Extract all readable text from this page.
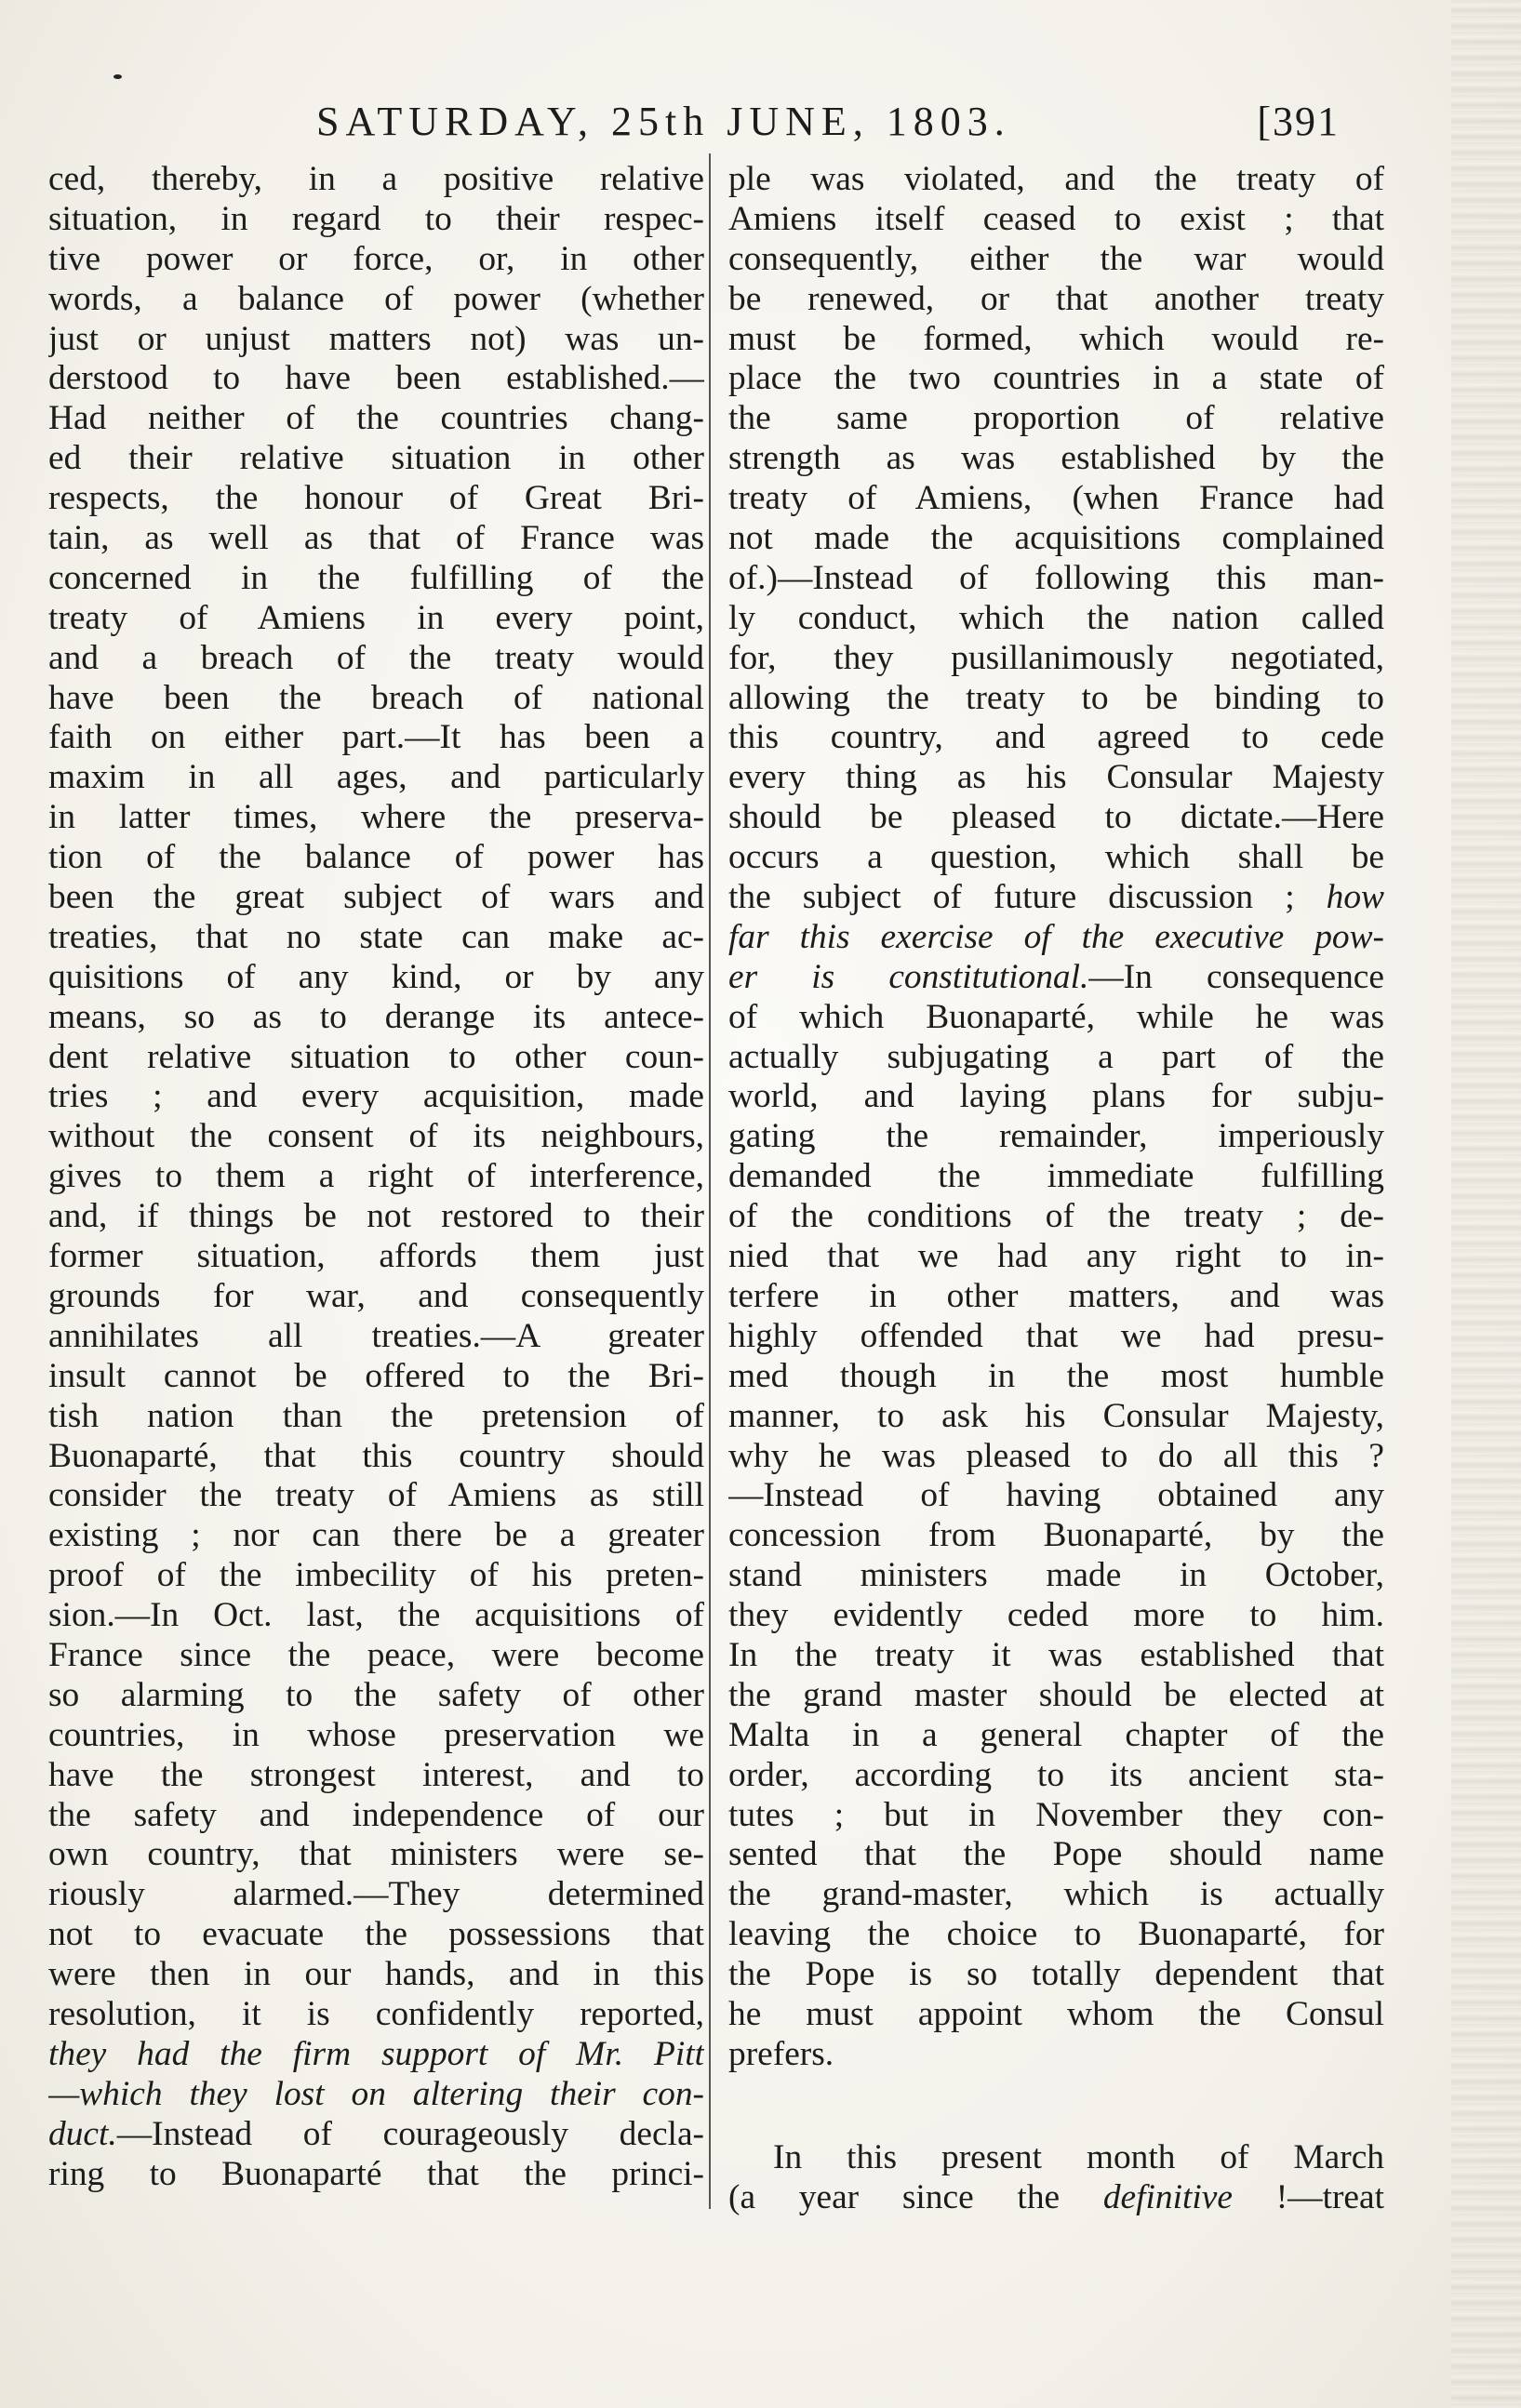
SATURDAY, 25th JUNE, 1803.	[391
ced, thereby, in a positive relative
situation, in regard to their respec-
tive power or force, or, in other
words, a balance of power (whether
just or unjust matters not) was un-
derstood to have been established.—
Had neither of the countries chang-
ed their relative situation in other
respects, the honour of Great Bri-
tain, as well as that of France was
concerned in the fulfilling of the
treaty of Amiens in every point,
and a breach of the treaty would
have been the breach of national
faith on either part.—It has been a
maxim in all ages, and particularly
in latter times, where the preserva-
tion of the balance of power has
been the great subject of wars and
treaties, that no state can make ac-
quisitions of any kind, or by any
means, so as to derange its antece-
dent relative situation to other coun-
tries ; and every acquisition, made
without the consent of its neighbours,
gives to them a right of interference,
and, if things be not restored to their
former situation, affords them just
grounds for war, and consequently
annihilates all treaties.—A greater
insult cannot be offered to the Bri-
tish nation than the pretension of
Buonaparté, that this country should
consider the treaty of Amiens as still
existing ; nor can there be a greater
proof of the imbecility of his preten-
sion.—In Oct. last, the acquisitions of
France since the peace, were become
so alarming to the safety of other
countries, in whose preservation we
have the strongest interest, and to
the safety and independence of our
own country, that ministers were se-
riously alarmed.—They determined
not to evacuate the possessions that
were then in our hands, and in this
resolution, it is confidently reported,
they had the firm support of Mr. Pitt
—which they lost on altering their con-
duct.—Instead of courageously decla-
ring to Buonaparté that the princi-
ple was violated, and the treaty of
Amiens itself ceased to exist ; that
consequently, either the war would
be renewed, or that another treaty
must be formed, which would re-
place the two countries in a state of
the same proportion of relative
strength as was established by the
treaty of Amiens, (when France had
not made the acquisitions complained
of.)—Instead of following this man-
ly conduct, which the nation called
for, they pusillanimously negotiated,
allowing the treaty to be binding to
this country, and agreed to cede
every thing as his Consular Majesty
should be pleased to dictate.—Here
occurs a question, which shall be
the subject of future discussion ; how
far this exercise of the executive pow-
er is constitutional.—In consequence
of which Buonaparté, while he was
actually subjugating a part of the
world, and laying plans for subju-
gating the remainder, imperiously
demanded the immediate fulfilling
of the conditions of the treaty ; de-
nied that we had any right to in-
terfere in other matters, and was
highly offended that we had presu-
med though in the most humble
manner, to ask his Consular Majesty,
why he was pleased to do all this ?
—Instead of having obtained any
concession from Buonaparté, by the
stand ministers made in October,
they evidently ceded more to him.
In the treaty it was established that
the grand master should be elected at
Malta in a general chapter of the
order, according to its ancient sta-
tutes ; but in November they con-
sented that the Pope should name
the grand-master, which is actually
leaving the choice to Buonaparté, for
the Pope is so totally dependent that
he must appoint whom the Consul
prefers.
In this present month of March
(a year since the definitive !—treat
